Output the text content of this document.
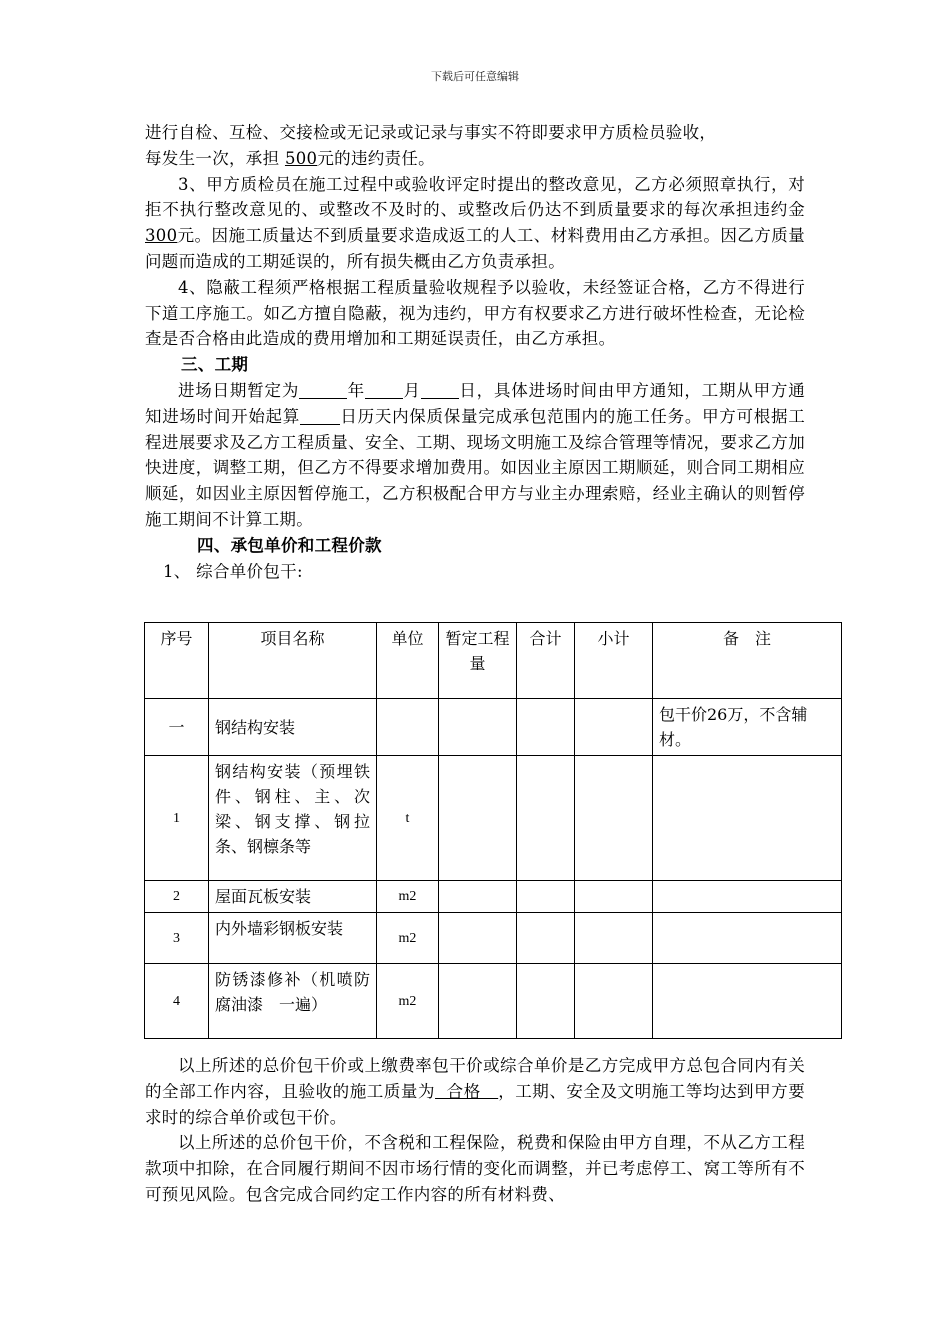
下载后可任意编辑

进行自检、互检、交接检或无记录或记录与事实不符即要求甲方质检员验收，
每发生一次，承担 500元的违约责任。

3、甲方质检员在施工过程中或验收评定时提出的整改意见，乙方必须照章执行，对拒不执行整改意见的、或整改不及时的、或整改后仍达不到质量要求的每次承担违约金300元。因施工质量达不到质量要求造成返工的人工、材料费用由乙方承担。因乙方质量问题而造成的工期延误的，所有损失概由乙方负责承担。

4、隐蔽工程须严格根据工程质量验收规程予以验收，未经签证合格，乙方不得进行下道工序施工。如乙方擅自隐蔽，视为违约，甲方有权要求乙方进行破坏性检查，无论检查是否合格由此造成的费用增加和工期延误责任，由乙方承担。

三、工期

进场日期暂定为	年 月 日，具体进场时间由甲方通知，工期从甲方通知进场时间开始起算 日历天内保质保量完成承包范围内的施工任务。甲方可根据工程进展要求及乙方工程质量、安全、工期、现场文明施工及综合管理等情况，要求乙方加快进度，调整工期，但乙方不得要求增加费用。如因业主原因工期顺延，则合同工期相应顺延，如因业主原因暂停施工，乙方积极配合甲方与业主办理索赔，经业主确认的则暂停施工期间不计算工期。

四、承包单价和工程价款

1、 综合单价包干:

序号	项目名称	单位	暂定工程量	合计	小计	备　注
一	钢结构安装					包干价26万，不含辅材。
1	钢结构安装（预埋铁件、钢柱、主、次梁、钢支撑、钢拉条、钢檩条等	t				
2	屋面瓦板安装	m2				
3	内外墙彩钢板安装	m2				
4	防锈漆修补（机喷防腐油漆　一遍）	m2				

以上所述的总价包干价或上缴费率包干价或综合单价是乙方完成甲方总包合同内有关的全部工作内容，且验收的施工质量为  合格   ，工期、安全及文明施工等均达到甲方要求时的综合单价或包干价。

以上所述的总价包干价，不含税和工程保险，税费和保险由甲方自理，不从乙方工程款项中扣除，在合同履行期间不因市场行情的变化而调整，并已考虑停工、窝工等所有不可预见风险。包含完成合同约定工作内容的所有材料费、
